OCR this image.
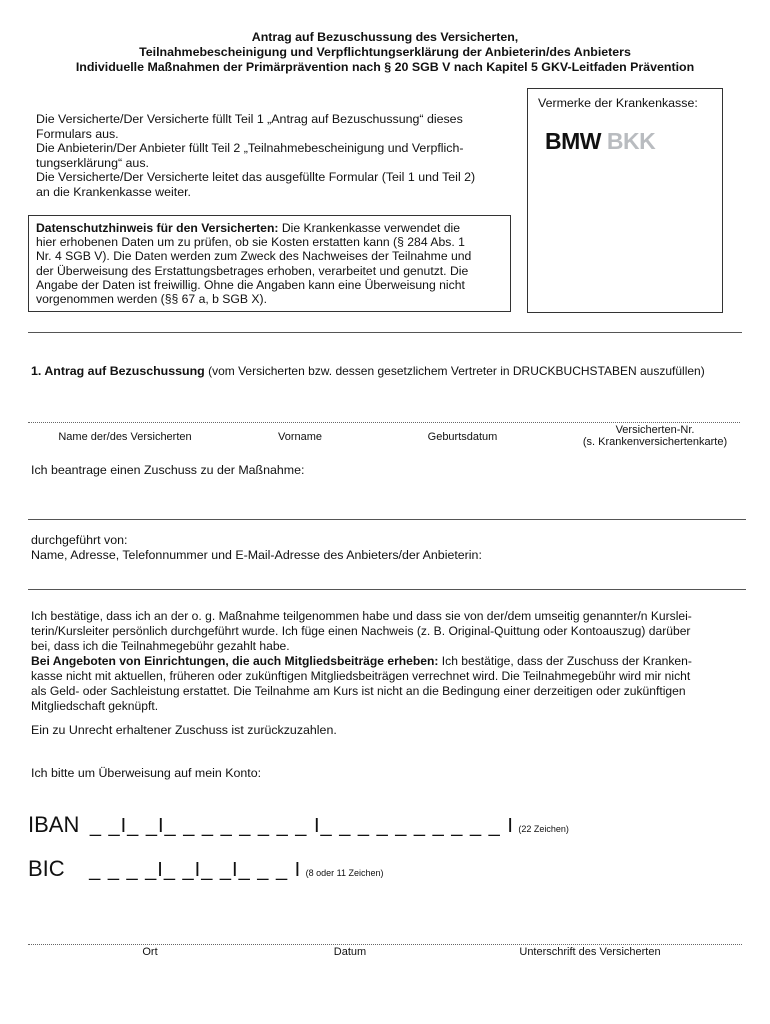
Antrag auf Bezuschussung des Versicherten,
Teilnahmebescheinigung und Verpflichtungserklärung der Anbieterin/des Anbieters
Individuelle Maßnahmen der Primärprävention nach § 20 SGB V nach Kapitel 5 GKV-Leitfaden Prävention
Die Versicherte/Der Versicherte füllt Teil 1 „Antrag auf Bezuschussung“ dieses
Formulars aus.
Die Anbieterin/Der Anbieter füllt Teil 2 „Teilnahmebescheinigung und Verpflich-
tungserklärung“ aus.
Die Versicherte/Der Versicherte leitet das ausgefüllte Formular (Teil 1 und Teil 2)
an die Krankenkasse weiter.
Datenschutzhinweis für den Versicherten: Die Krankenkasse verwendet die
hier erhobenen Daten um zu prüfen, ob sie Kosten erstatten kann (§ 284 Abs. 1
Nr. 4 SGB V). Die Daten werden zum Zweck des Nachweises der Teilnahme und
der Überweisung des Erstattungsbetrages erhoben, verarbeitet und genutzt. Die
Angabe der Daten ist freiwillig. Ohne die Angaben kann eine Überweisung nicht
vorgenommen werden (§§ 67 a, b SGB X).
Vermerke der Krankenkasse:
BMW BKK
1. Antrag auf Bezuschussung (vom Versicherten bzw. dessen gesetzlichem Vertreter in DRUCKBUCHSTABEN auszufüllen)
Name der/des Versicherten	Vorname	Geburtsdatum
Versicherten-Nr.
(s. Krankenversichertenkarte)
Ich beantrage einen Zuschuss zu der Maßnahme:
durchgeführt von:
Name, Adresse, Telefonnummer und E-Mail-Adresse des Anbieters/der Anbieterin:
Ich bestätige, dass ich an der o. g. Maßnahme teilgenommen habe und dass sie von der/dem umseitig genannter/n Kurslei-
terin/Kursleiter persönlich durchgeführt wurde. Ich füge einen Nachweis (z. B. Original-Quittung oder Kontoauszug) darüber
bei, dass ich die Teilnahmegebühr gezahlt habe.
Bei Angeboten von Einrichtungen, die auch Mitgliedsbeiträge erheben: Ich bestätige, dass der Zuschuss der Kranken-
kasse nicht mit aktuellen, früheren oder zukünftigen Mitgliedsbeiträgen verrechnet wird. Die Teilnahmegebühr wird mir nicht
als Geld- oder Sachleistung erstattet. Die Teilnahme am Kurs ist nicht an die Bedingung einer derzeitigen oder zukünftigen
Mitgliedschaft geknüpft.
Ein zu Unrecht erhaltener Zuschuss ist zurückzuzahlen.
Ich bitte um Überweisung auf mein Konto:
IBAN _ _I_ _I_ _ _ _ _ _ _ _ I_ _ _ _ _ _ _ _ _ _ I (22 Zeichen)
BIC _ _ _ _I_ _I_ _I_ _ _ I (8 oder 11 Zeichen)
Ort	Datum	Unterschrift des Versicherten
